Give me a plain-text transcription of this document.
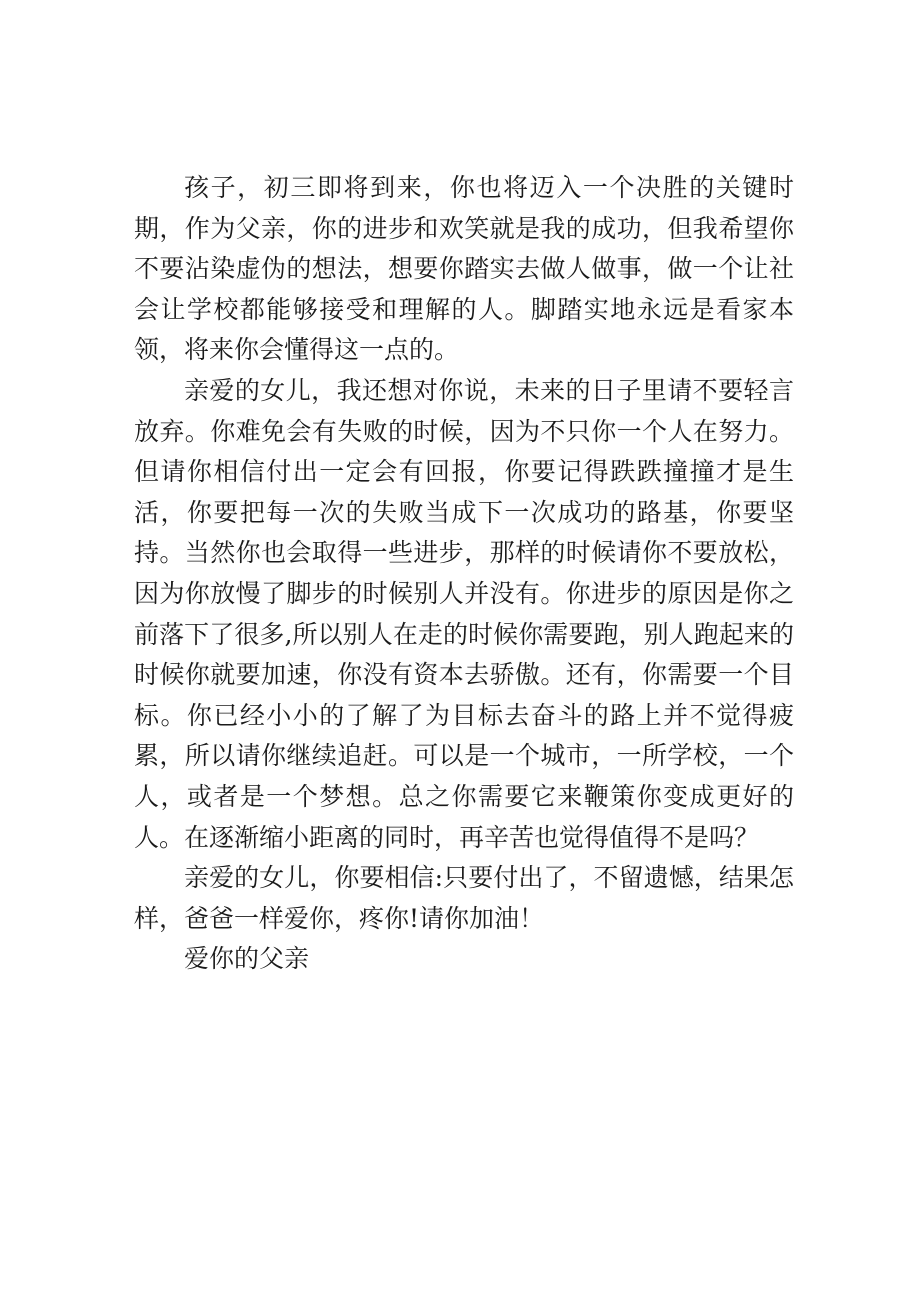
孩子，初三即将到来，你也将迈入一个决胜的关键时期，作为父亲，你的进步和欢笑就是我的成功，但我希望你不要沾染虚伪的想法，想要你踏实去做人做事，做一个让社会让学校都能够接受和理解的人。脚踏实地永远是看家本领，将来你会懂得这一点的。

亲爱的女儿，我还想对你说，未来的日子里请不要轻言放弃。你难免会有失败的时候，因为不只你一个人在努力。但请你相信付出一定会有回报，你要记得跌跌撞撞才是生活，你要把每一次的失败当成下一次成功的路基，你要坚持。当然你也会取得一些进步，那样的时候请你不要放松，因为你放慢了脚步的时候别人并没有。你进步的原因是你之前落下了很多,所以别人在走的时候你需要跑，别人跑起来的时候你就要加速，你没有资本去骄傲。还有，你需要一个目标。你已经小小的了解了为目标去奋斗的路上并不觉得疲累，所以请你继续追赶。可以是一个城市，一所学校，一个人，或者是一个梦想。总之你需要它来鞭策你变成更好的人。在逐渐缩小距离的同时，再辛苦也觉得值得不是吗？

亲爱的女儿，你要相信:只要付出了，不留遗憾，结果怎样，爸爸一样爱你，疼你!请你加油！

爱你的父亲
